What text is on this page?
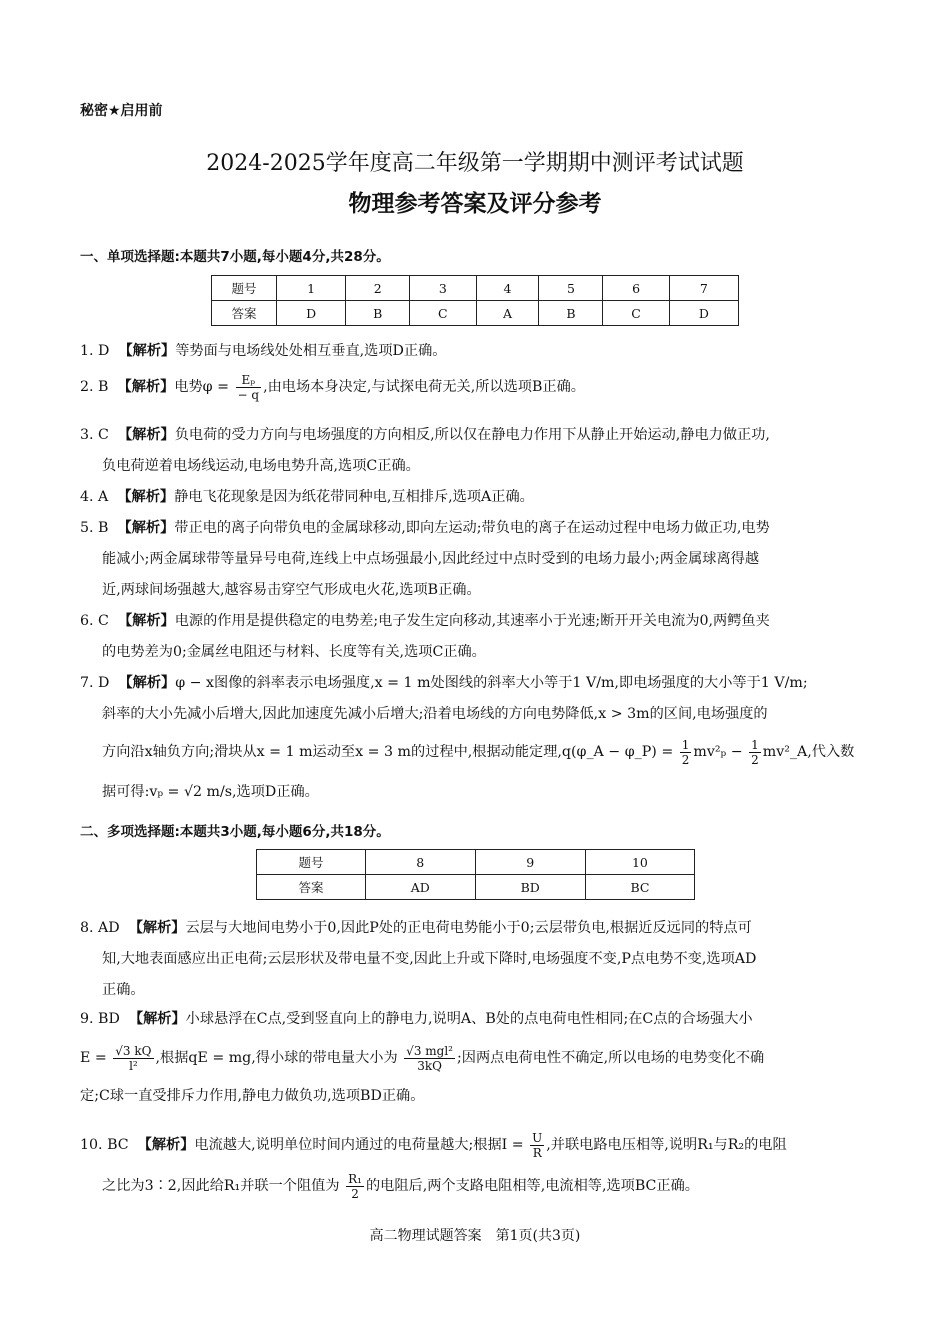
秘密★启用前
2024-2025学年度高二年级第一学期期中测评考试试题
物理参考答案及评分参考
一、单项选择题:本题共7小题,每小题4分,共28分。
题号	1	2	3	4	5	6	7
答案	D	B	C	A	B	C	D
1. D 【解析】等势面与电场线处处相互垂直,选项D正确。
2. B 【解析】电势$\varphi = \frac{\text{Eₚ}}{- q}$ ,由电场本身决定,与试探电荷无关,所以选项B正确。
3. C 【解析】负电荷的受力方向与电场强度的方向相反,所以仅在静电力作用下从静止开始运动,静电力做正功,
负电荷逆着电场线运动,电场电势升高,选项C正确。
4. A 【解析】静电飞花现象是因为纸花带同种电,互相排斥,选项A正确。
5. B 【解析】带正电的离子向带负电的金属球移动,即向左运动;带负电的离子在运动过程中电场力做正功,电势
能减小;两金属球带等量异号电荷,连线上中点场强最小,因此经过中点时受到的电场力最小;两金属球离得越
近,两球间场强越大,越容易击穿空气形成电火花,选项B正确。
6. C 【解析】电源的作用是提供稳定的电势差;电子发生定向移动,其速率小于光速;断开开关电流为0,两鳄鱼夹
的电势差为0;金属丝电阻还与材料、长度等有关,选项C正确。
7. D 【解析】φ − x图像的斜率表示电场强度,x = 1 m处图线的斜率大小等于1 V/m,即电场强度的大小等于1 V/m;
斜率的大小先减小后增大,因此加速度先减小后增大;沿着电场线的方向电势降低,x > 3m的区间,电场强度的
方向沿x轴负方向;滑块从x = 1 m运动至x = 3 m的过程中,根据动能定理,q(φ_A − φ_P) = $\frac{1}{2} mv^2_p - \frac{1}{2}$ mv²_A,代入数
据可得:vₚ = √2 m/s,选项D正确。
二、多项选择题:本题共3小题,每小题6分,共18分。
题号	8	9	10
答案	AD	BD	BC
8. AD 【解析】云层与大地间电势小于0,因此P处的正电荷电势能小于0;云层带负电,根据近反远同的特点可
知,大地表面感应出正电荷;云层形状及带电量不变,因此上升或下降时,电场强度不变,P点电势不变,选项AD
正确。
9. BD 【解析】小球悬浮在C点,受到竖直向上的静电力,说明A、B处的点电荷电性相同;在C点的合场强大小
$E = \frac{√3 kQ}{\text{l²}}$ ,根据qE = mg,得小球的带电量大小为 $\frac{\text{√3 mgl²}}{3kQ}$ ;因两点电荷电性不确定,所以电场的电势变化不确
定;C球一直受排斥力作用,静电力做负功,选项BD正确。
10. BC 【解析】电流越大,说明单位时间内通过的电荷量越大;根据$I = \frac{U}{R}$ ,并联电路电压相等,说明R₁与R₂的电阻
之比为3∶2,因此给R₁并联一个阻值为 $\frac{\text{R₁}}{2}$ 的电阻后,两个支路电阻相等,电流相等,选项BC正确。
高二物理试题答案　第1页(共3页)
